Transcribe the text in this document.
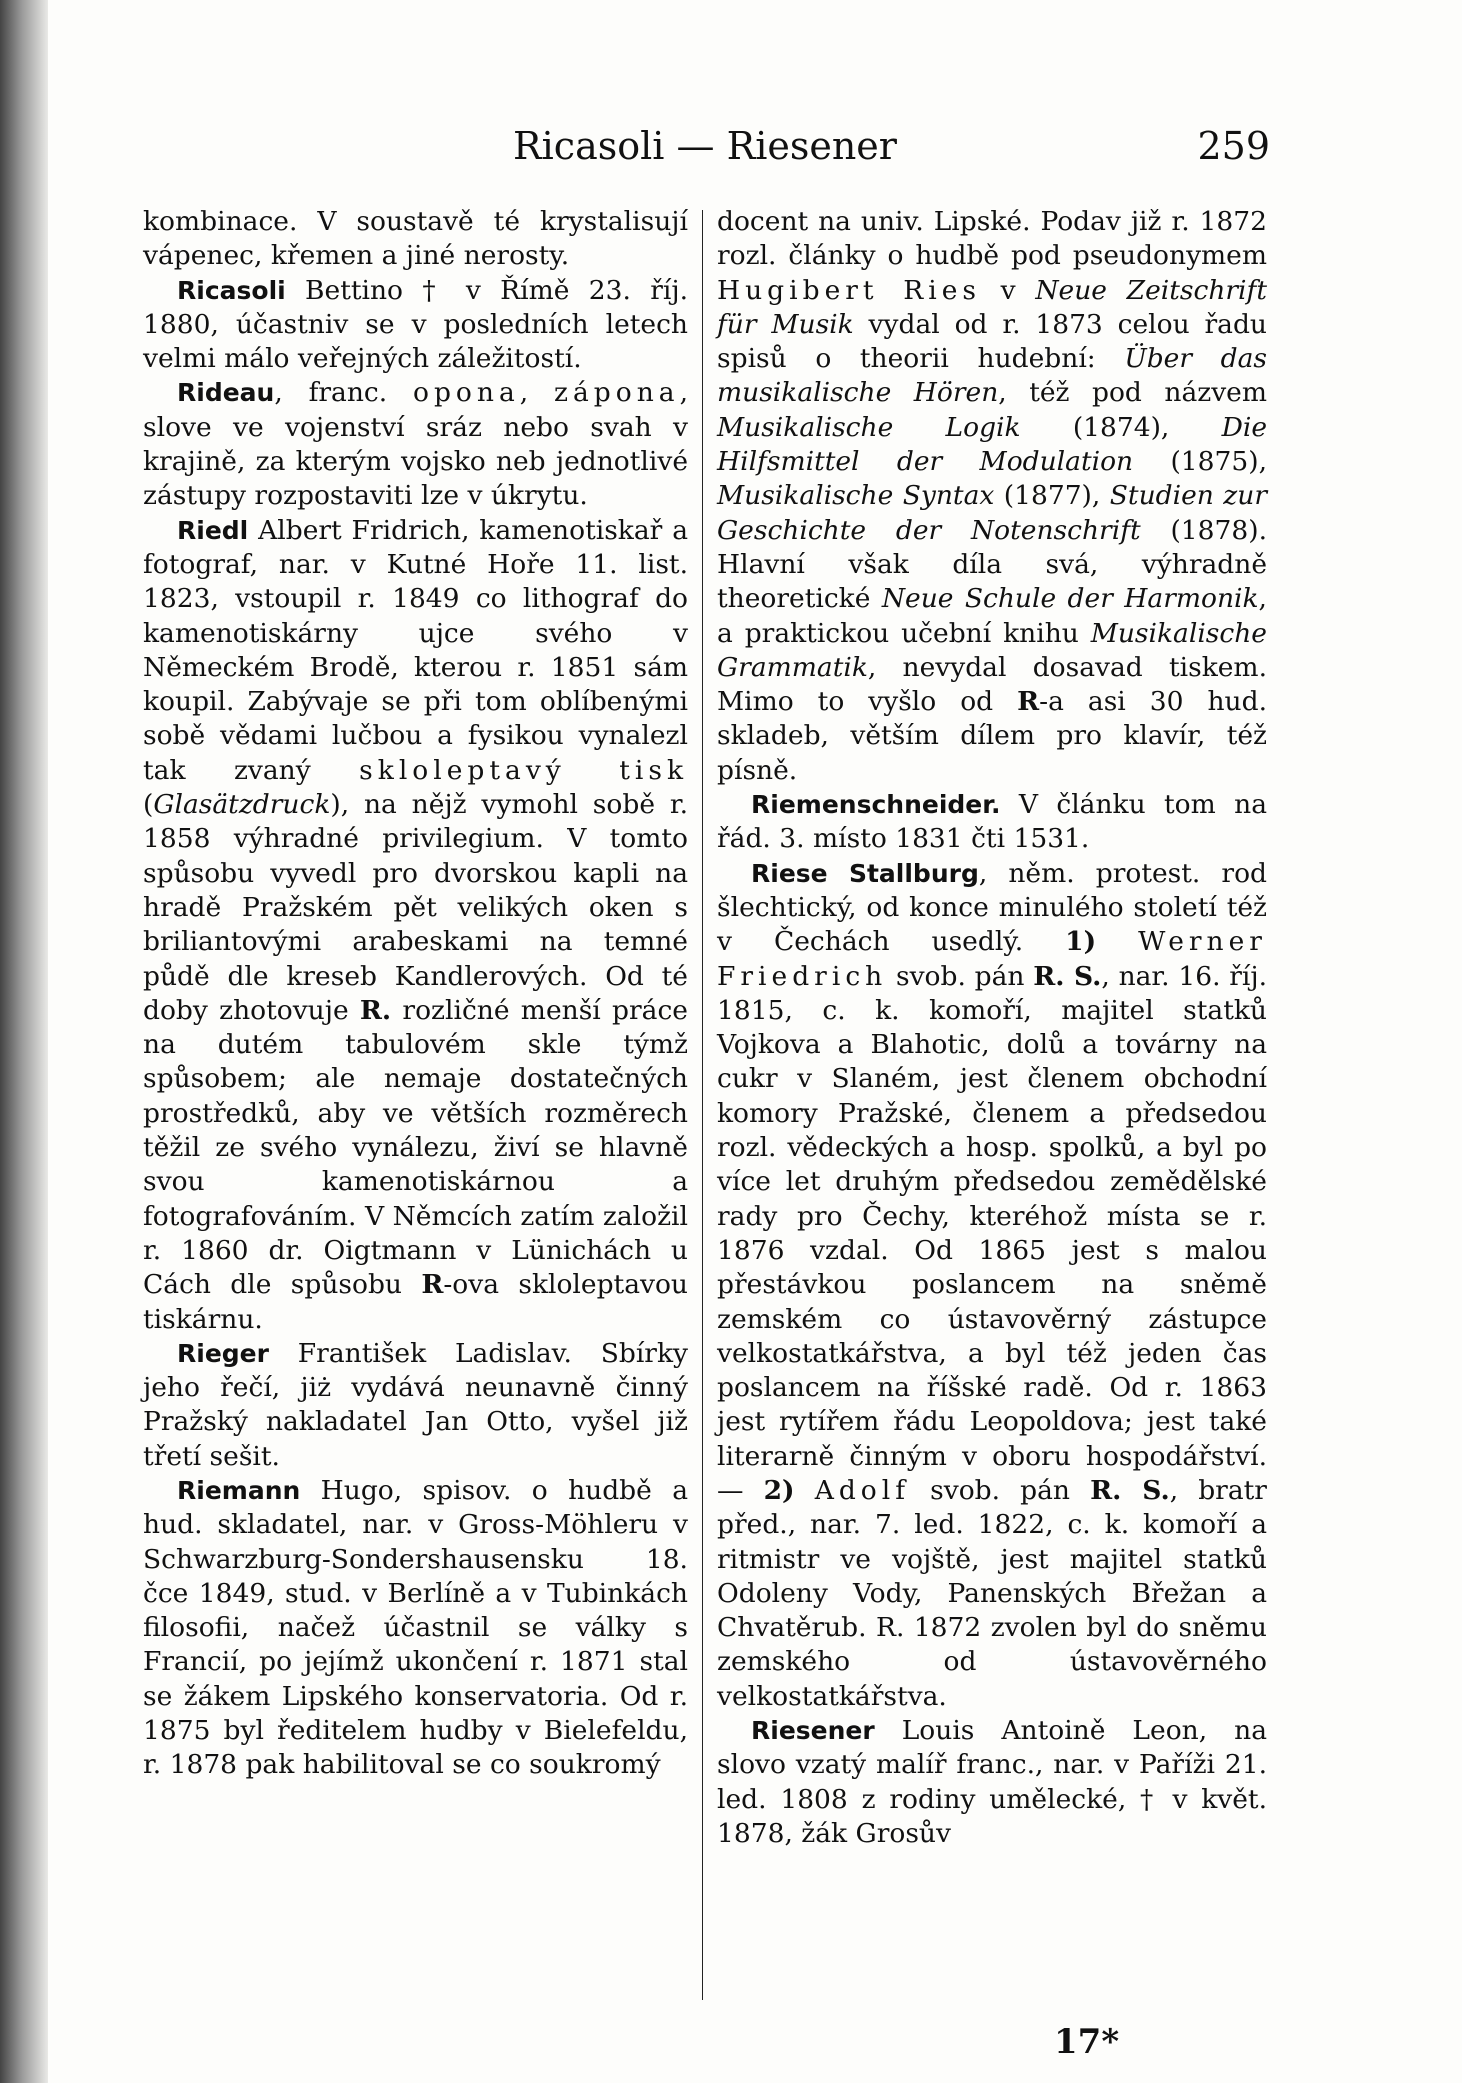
Ricasoli — Riesener	259

kombinace. V soustavě té krystalisují vápenec, křemen a jiné nerosty.

Ricasoli Bettino † v Římě 23. říj. 1880, účastniv se v posledních letech velmi málo veřejných záležitostí.

Rideau, franc. opona, zápona, slove ve vojenství sráz nebo svah v krajině, za kterým vojsko neb jednotlivé zástupy rozpostaviti lze v úkrytu.

Riedl Albert Fridrich, kamenotiskař a fotograf, nar. v Kutné Hoře 11. list. 1823, vstoupil r. 1849 co lithograf do kamenotiskárny ujce svého v Německém Brodě, kterou r. 1851 sám koupil. Zabývaje se při tom oblíbenými sobě vědami lučbou a fysikou vynalezl tak zvaný skloleptavý tisk (Glasätzdruck), na nějž vymohl sobě r. 1858 výhradné privilegium. V tomto spůsobu vyvedl pro dvorskou kapli na hradě Pražském pět velikých oken s briliantovými arabeskami na temné půdě dle kreseb Kandlerových. Od té doby zhotovuje R. rozličné menší práce na dutém tabulovém skle týmž spůsobem; ale nemaje dostatečných prostředků, aby ve větších rozměrech těžil ze svého vynálezu, živí se hlavně svou kamenotiskárnou a fotografováním. V Němcích zatím založil r. 1860 dr. Oigtmann v Lünichách u Cách dle spůsobu R-ova skloleptavou tiskárnu.

Rieger František Ladislav. Sbírky jeho řečí, jiż vydává neunavně činný Pražský nakladatel Jan Otto, vyšel již třetí sešit.

Riemann Hugo, spisov. o hudbě a hud. skladatel, nar. v Gross-Möhleru v Schwarzburg-Sondershausensku 18. čce 1849, stud. v Berlíně a v Tubinkách filosofii, načež účastnil se války s Francií, po jejímž ukončení r. 1871 stal se žákem Lipského konservatoria. Od r. 1875 byl ředitelem hudby v Bielefeldu, r. 1878 pak habilitoval se co soukromý

docent na univ. Lipské. Podav již r. 1872 rozl. články o hudbě pod pseudonymem Hugibert Ries v Neue Zeitschrift für Musik vydal od r. 1873 celou řadu spisů o theorii hudební: Über das musikalische Hören, též pod názvem Musikalische Logik (1874), Die Hilfsmittel der Modulation (1875), Musikalische Syntax (1877), Studien zur Geschichte der Notenschrift (1878). Hlavní však díla svá, výhradně theoretické Neue Schule der Harmonik, a praktickou učební knihu Musikalische Grammatik, nevydal dosavad tiskem. Mimo to vyšlo od R-a asi 30 hud. skladeb, větším dílem pro klavír, též písně.

Riemenschneider. V článku tom na řád. 3. místo 1831 čti 1531.

Riese Stallburg, něm. protest. rod šlechtický, od konce minulého století též v Čechách usedlý. 1) Werner Friedrich svob. pán R. S., nar. 16. říj. 1815, c. k. komoří, majitel statků Vojkova a Blahotic, dolů a továrny na cukr v Slaném, jest členem obchodní komory Pražské, členem a předsedou rozl. vědeckých a hosp. spolků, a byl po více let druhým předsedou zemědělské rady pro Čechy, kteréhož místa se r. 1876 vzdal. Od 1865 jest s malou přestávkou poslancem na sněmě zemském co ústavověrný zástupce velkostatkářstva, a byl též jeden čas poslancem na říšské radě. Od r. 1863 jest rytířem řádu Leopoldova; jest také literarně činným v oboru hospodářství. — 2) Adolf svob. pán R. S., bratr před., nar. 7. led. 1822, c. k. komoří a ritmistr ve vojště, jest majitel statků Odoleny Vody, Panenských Břežan a Chvatěrub. R. 1872 zvolen byl do sněmu zemského od ústavověrného velkostatkářstva.

Riesener Louis Antoině Leon, na slovo vzatý malíř franc., nar. v Paříži 21. led. 1808 z rodiny umělecké, † v květ. 1878, žák Grosův

17*
